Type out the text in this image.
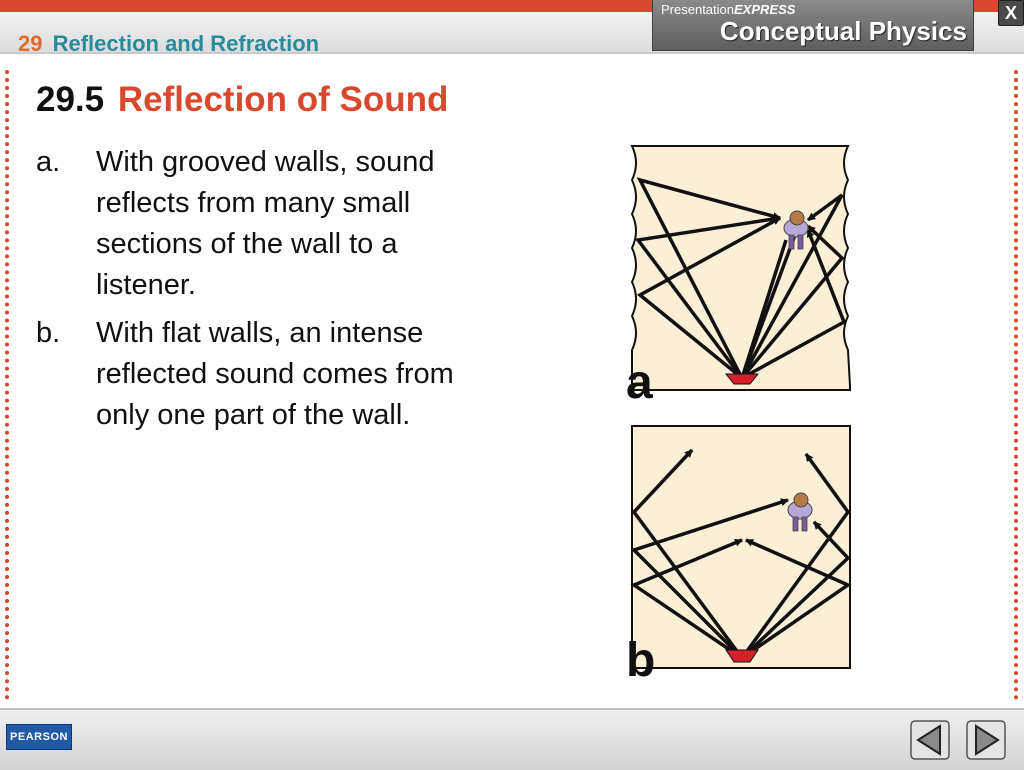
29 Reflection and Refraction
PresentationEXPRESS
Conceptual Physics
X
29.5 Reflection of Sound
a. With grooved walls, sound reflects from many small sections of the wall to a listener.
b. With flat walls, an intense reflected sound comes from only one part of the wall.
a
b
PEARSON
